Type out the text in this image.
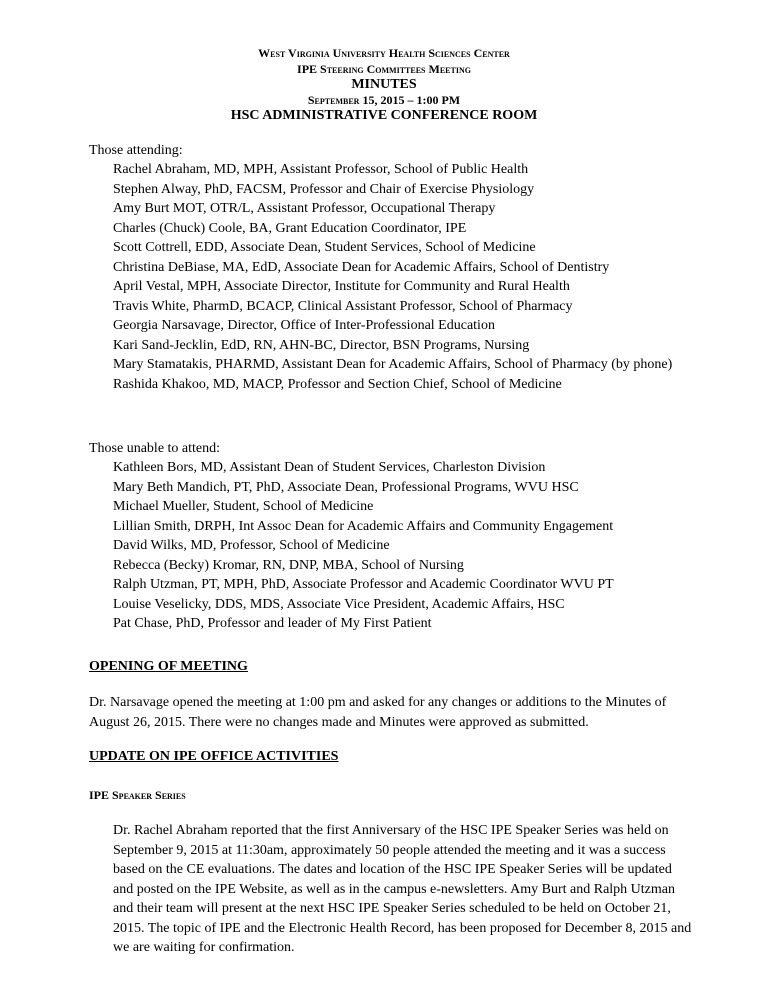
West Virginia University Health Sciences Center
IPE Steering Committees Meeting
MINUTES
September 15, 2015 – 1:00 PM
HSC ADMINISTRATIVE CONFERENCE ROOM
Those attending:
Rachel Abraham, MD, MPH, Assistant Professor, School of Public Health
Stephen Alway, PhD, FACSM, Professor and Chair of Exercise Physiology
Amy Burt MOT, OTR/L, Assistant Professor, Occupational Therapy
Charles (Chuck) Coole, BA, Grant Education Coordinator, IPE
Scott Cottrell, EDD, Associate Dean, Student Services, School of Medicine
Christina DeBiase, MA, EdD, Associate Dean for Academic Affairs, School of Dentistry
April Vestal, MPH, Associate Director, Institute for Community and Rural Health
Travis White, PharmD, BCACP, Clinical Assistant Professor, School of Pharmacy
Georgia Narsavage, Director, Office of Inter-Professional Education
Kari Sand-Jecklin, EdD, RN, AHN-BC, Director, BSN Programs, Nursing
Mary Stamatakis, PHARMD, Assistant Dean for Academic Affairs, School of Pharmacy (by phone)
Rashida Khakoo, MD, MACP, Professor and Section Chief, School of Medicine
Those unable to attend:
Kathleen Bors, MD, Assistant Dean of Student Services, Charleston Division
Mary Beth Mandich, PT, PhD, Associate Dean, Professional Programs, WVU HSC
Michael Mueller, Student, School of Medicine
Lillian Smith, DRPH, Int Assoc Dean for Academic Affairs and Community Engagement
David Wilks, MD, Professor, School of Medicine
Rebecca (Becky) Kromar, RN, DNP, MBA, School of Nursing
Ralph Utzman, PT, MPH, PhD, Associate Professor and Academic Coordinator WVU PT
Louise Veselicky, DDS, MDS, Associate Vice President, Academic Affairs, HSC
Pat Chase, PhD, Professor and leader of My First Patient
OPENING OF MEETING
Dr. Narsavage opened the meeting at 1:00 pm and asked for any changes or additions to the Minutes of August 26, 2015. There were no changes made and Minutes were approved as submitted.
UPDATE ON IPE OFFICE ACTIVITIES
IPE Speaker Series
Dr. Rachel Abraham reported that the first Anniversary of the HSC IPE Speaker Series was held on September 9, 2015 at 11:30am, approximately 50 people attended the meeting and it was a success based on the CE evaluations. The dates and location of the HSC IPE Speaker Series will be updated and posted on the IPE Website, as well as in the campus e-newsletters. Amy Burt and Ralph Utzman and their team will present at the next HSC IPE Speaker Series scheduled to be held on October 21, 2015. The topic of IPE and the Electronic Health Record, has been proposed for December 8, 2015 and we are waiting for confirmation.
